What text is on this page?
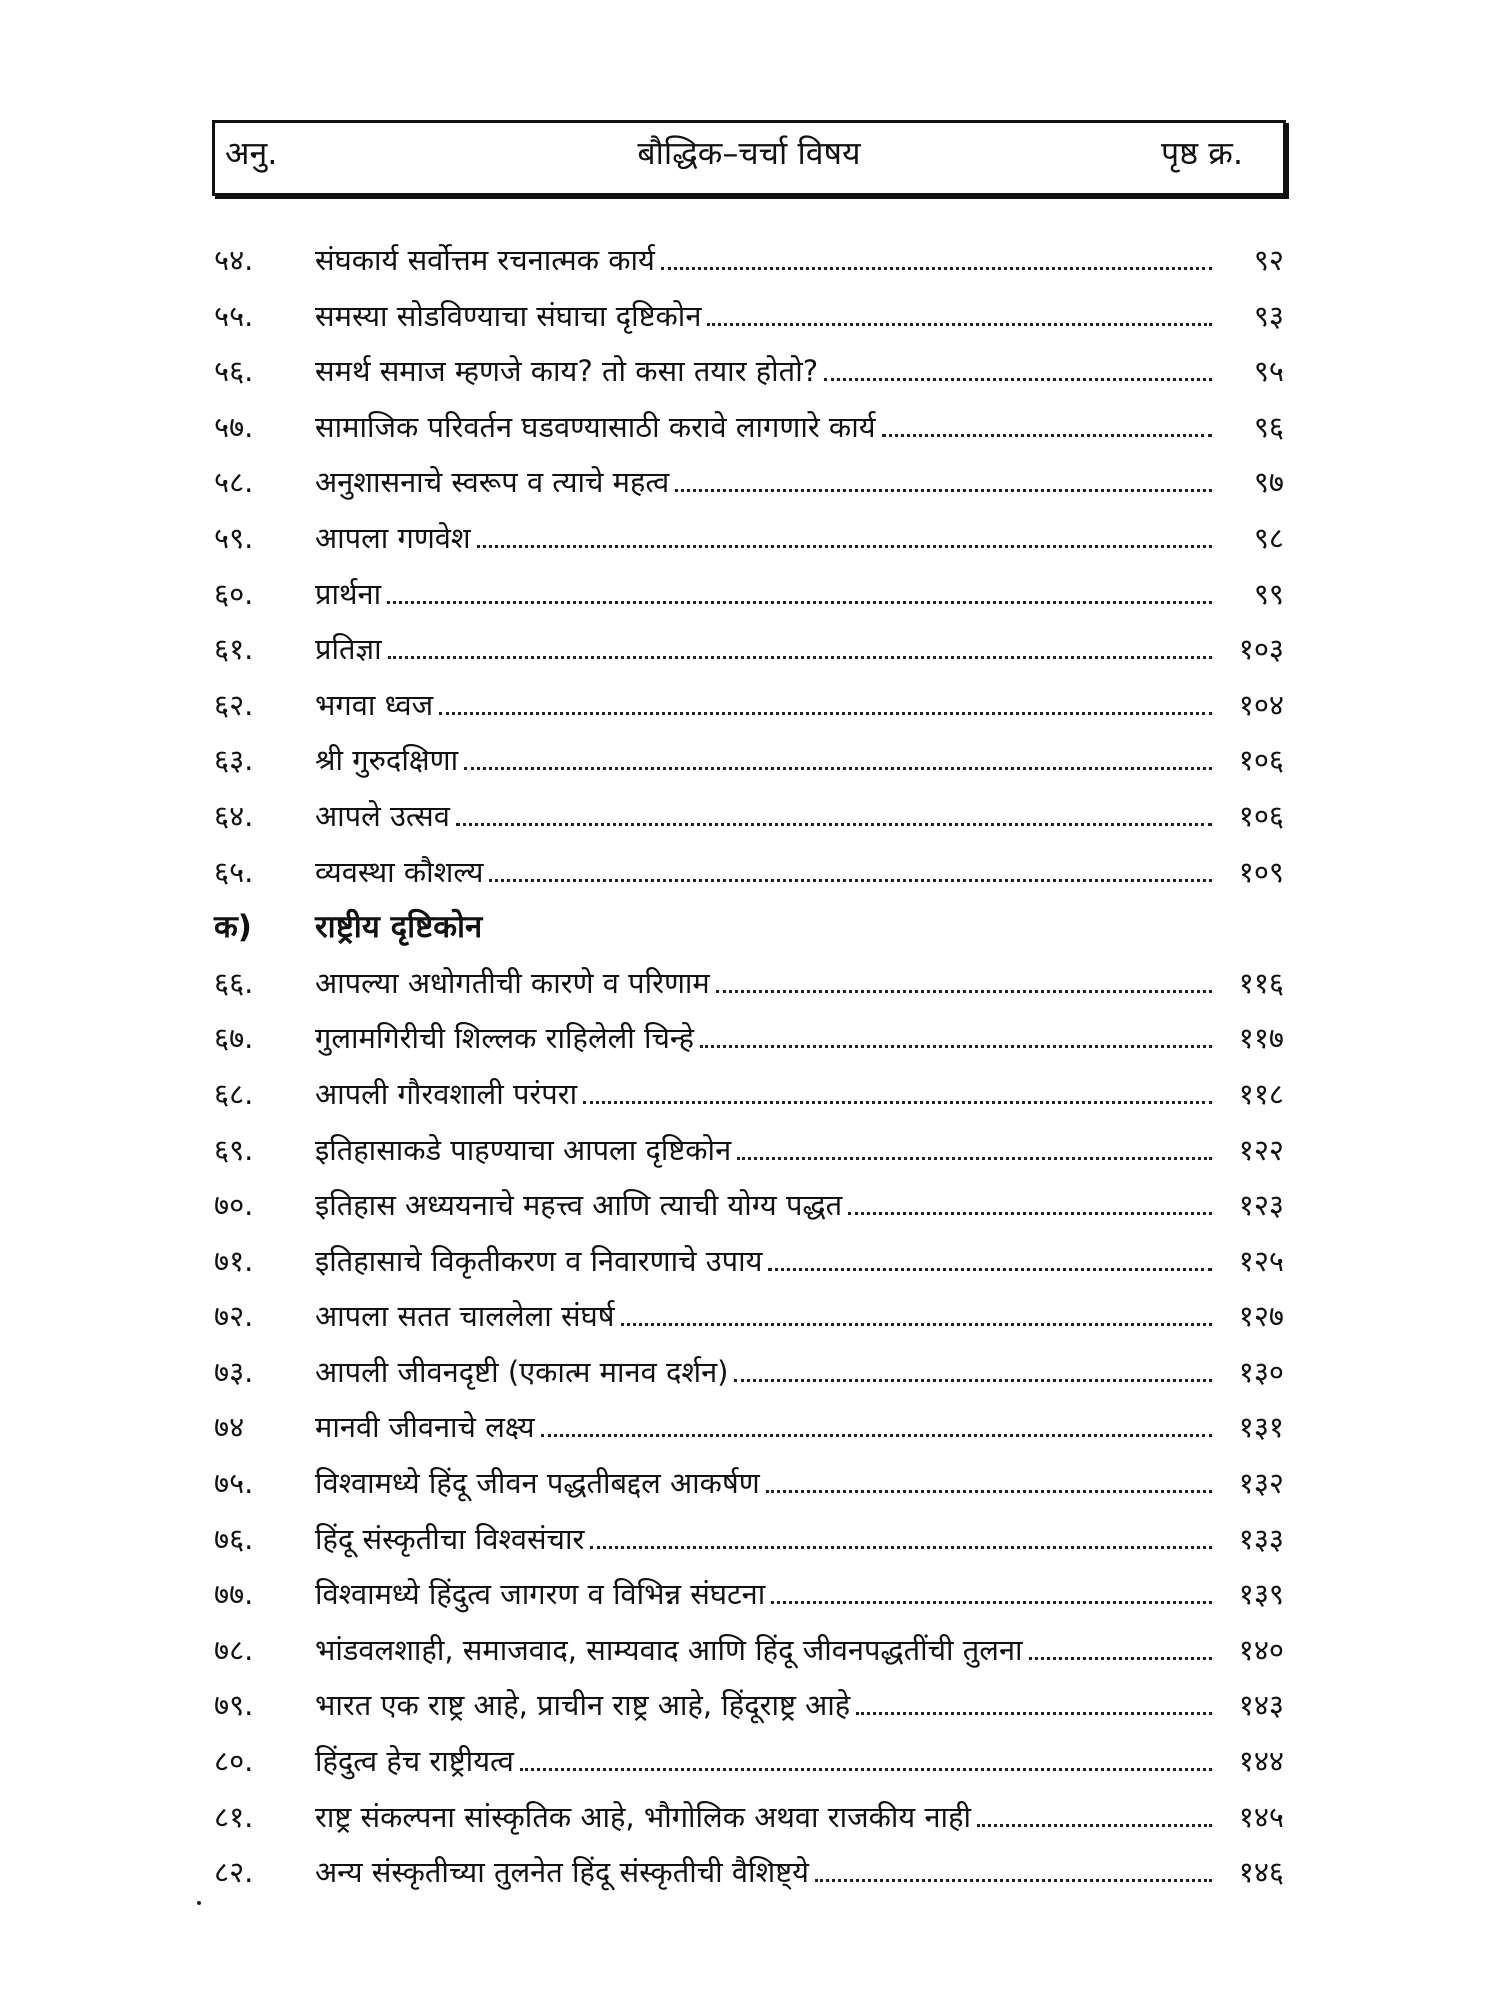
अनु.	बौद्धिक–चर्चा विषय	पृष्ठ क्र.
५४. संघकार्य सर्वोत्तम रचनात्मक कार्य	९२
५५. समस्या सोडविण्याचा संघाचा दृष्टिकोन	९३
५६. समर्थ समाज म्हणजे काय? तो कसा तयार होतो?	९५
५७. सामाजिक परिवर्तन घडवण्यासाठी करावे लागणारे कार्य	९६
५८. अनुशासनाचे स्वरूप व त्याचे महत्व	९७
५९. आपला गणवेश	९८
६०. प्रार्थना	९९
६१. प्रतिज्ञा	१०३
६२. भगवा ध्वज	१०४
६३. श्री गुरुदक्षिणा	१०६
६४. आपले उत्सव	१०६
६५. व्यवस्था कौशल्य	१०९
क) राष्ट्रीय दृष्टिकोन
६६. आपल्या अधोगतीची कारणे व परिणाम	११६
६७. गुलामगिरीची शिल्लक राहिलेली चिन्हे	११७
६८. आपली गौरवशाली परंपरा	११८
६९. इतिहासाकडे पाहण्याचा आपला दृष्टिकोन	१२२
७०. इतिहास अध्ययनाचे महत्त्व आणि त्याची योग्य पद्धत	१२३
७१. इतिहासाचे विकृतीकरण व निवारणाचे उपाय	१२५
७२. आपला सतत चाललेला संघर्ष	१२७
७३. आपली जीवनदृष्टी (एकात्म मानव दर्शन)	१३०
७४ मानवी जीवनाचे लक्ष्य	१३१
७५. विश्वामध्ये हिंदू जीवन पद्धतीबद्दल आकर्षण	१३२
७६. हिंदू संस्कृतीचा विश्वसंचार	१३३
७७. विश्वामध्ये हिंदुत्व जागरण व विभिन्न संघटना	१३९
७८. भांडवलशाही, समाजवाद, साम्यवाद आणि हिंदू जीवनपद्धतींची तुलना	१४०
७९. भारत एक राष्ट्र आहे, प्राचीन राष्ट्र आहे, हिंदूराष्ट्र आहे	१४३
८०. हिंदुत्व हेच राष्ट्रीयत्व	१४४
८१. राष्ट्र संकल्पना सांस्कृतिक आहे, भौगोलिक अथवा राजकीय नाही	१४५
८२. अन्य संस्कृतीच्या तुलनेत हिंदू संस्कृतीची वैशिष्ट्ये	१४६
